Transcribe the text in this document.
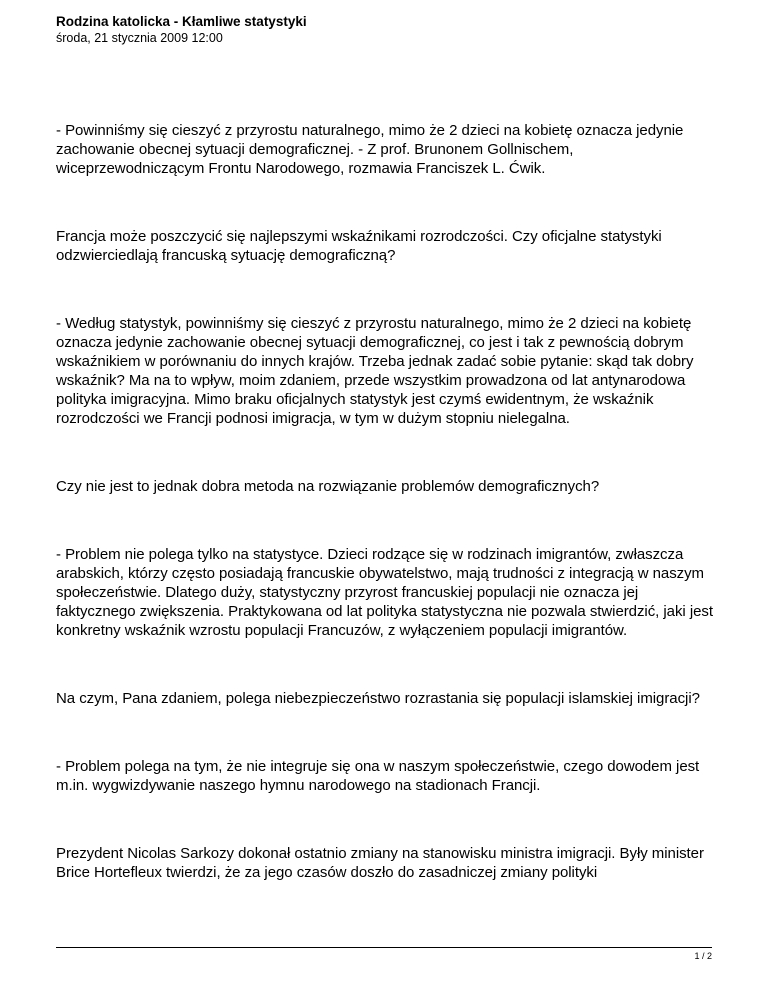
Rodzina katolicka - Kłamliwe statystyki
środa, 21 stycznia 2009 12:00

- Powinniśmy się cieszyć z przyrostu naturalnego, mimo że 2 dzieci na kobietę oznacza jedynie zachowanie obecnej sytuacji demograficznej. - Z prof. Brunonem Gollnischem, wiceprzewodniczącym Frontu Narodowego, rozmawia Franciszek L. Ćwik.

Francja może poszczycić się najlepszymi wskaźnikami rozrodczości. Czy oficjalne statystyki odzwierciedlają francuską sytuację demograficzną?

- Według statystyk, powinniśmy się cieszyć z przyrostu naturalnego, mimo że 2 dzieci na kobietę oznacza jedynie zachowanie obecnej sytuacji demograficznej, co jest i tak z pewnością dobrym wskaźnikiem w porównaniu do innych krajów. Trzeba jednak zadać sobie pytanie: skąd tak dobry wskaźnik? Ma na to wpływ, moim zdaniem, przede wszystkim prowadzona od lat antynarodowa polityka imigracyjna. Mimo braku oficjalnych statystyk jest czymś ewidentnym, że wskaźnik rozrodczości we Francji podnosi imigracja, w tym w dużym stopniu nielegalna.

Czy nie jest to jednak dobra metoda na rozwiązanie problemów demograficznych?

- Problem nie polega tylko na statystyce. Dzieci rodzące się w rodzinach imigrantów, zwłaszcza arabskich, którzy często posiadają francuskie obywatelstwo, mają trudności z integracją w naszym społeczeństwie. Dlatego duży, statystyczny przyrost francuskiej populacji nie oznacza jej faktycznego zwiększenia. Praktykowana od lat polityka statystyczna nie pozwala stwierdzić, jaki jest konkretny wskaźnik wzrostu populacji Francuzów, z wyłączeniem populacji imigrantów.

Na czym, Pana zdaniem, polega niebezpieczeństwo rozrastania się populacji islamskiej imigracji?

- Problem polega na tym, że nie integruje się ona w naszym społeczeństwie, czego dowodem jest m.in. wygwizdywanie naszego hymnu narodowego na stadionach Francji.

Prezydent Nicolas Sarkozy dokonał ostatnio zmiany na stanowisku ministra imigracji. Były minister Brice Hortefleux twierdzi, że za jego czasów doszło do zasadniczej zmiany polityki

1 / 2
